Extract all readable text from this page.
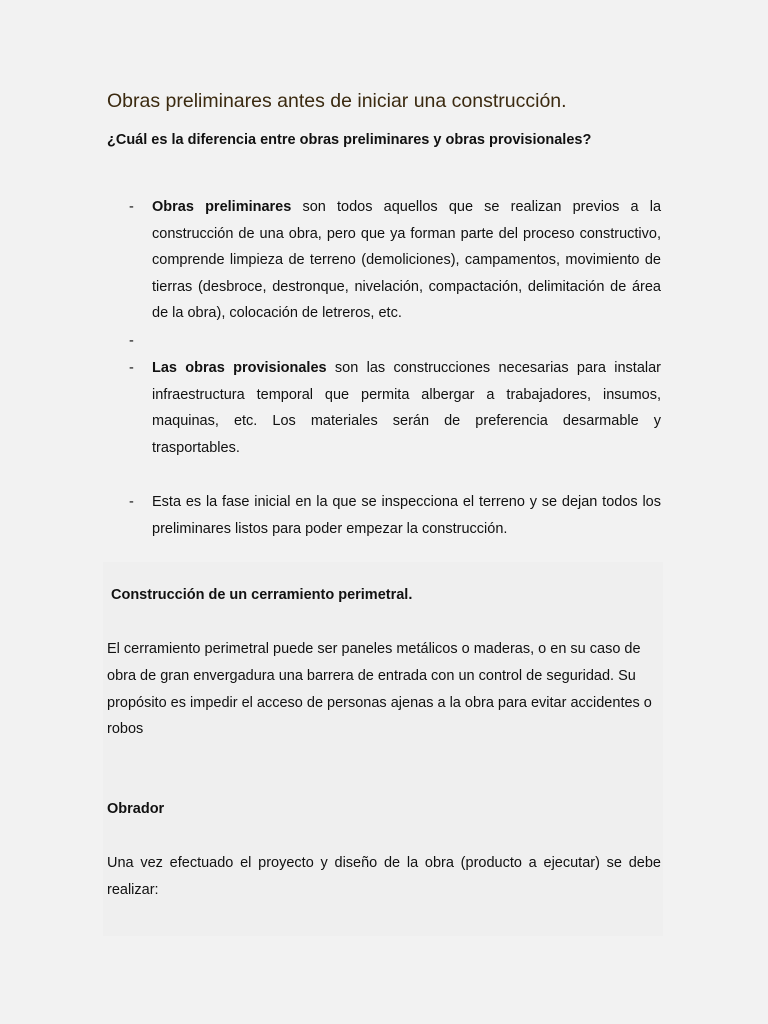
Obras preliminares antes de iniciar una construcción.
¿Cuál es la diferencia entre obras preliminares y obras provisionales?
- Obras preliminares son todos aquellos que se realizan previos a la construcción de una obra, pero que ya forman parte del proceso constructivo, comprende limpieza de terreno (demoliciones), campamentos, movimiento de tierras (desbroce, destronque, nivelación, compactación, delimitación de área de la obra), colocación de letreros, etc.

-
- Las obras provisionales son las construcciones necesarias para instalar infraestructura temporal que permita albergar a trabajadores, insumos, maquinas, etc. Los materiales serán de preferencia desarmable y trasportables.

- Esta es la fase inicial en la que se inspecciona el terreno y se dejan todos los preliminares listos para poder empezar la construcción.

Construcción de un cerramiento perimetral.

El cerramiento perimetral puede ser paneles metálicos o maderas, o en su caso de obra de gran envergadura una barrera de entrada con un control de seguridad. Su propósito es impedir el acceso de personas ajenas a la obra para evitar accidentes o robos

Obrador

Una vez efectuado el proyecto y diseño de la obra (producto a ejecutar) se debe realizar:
